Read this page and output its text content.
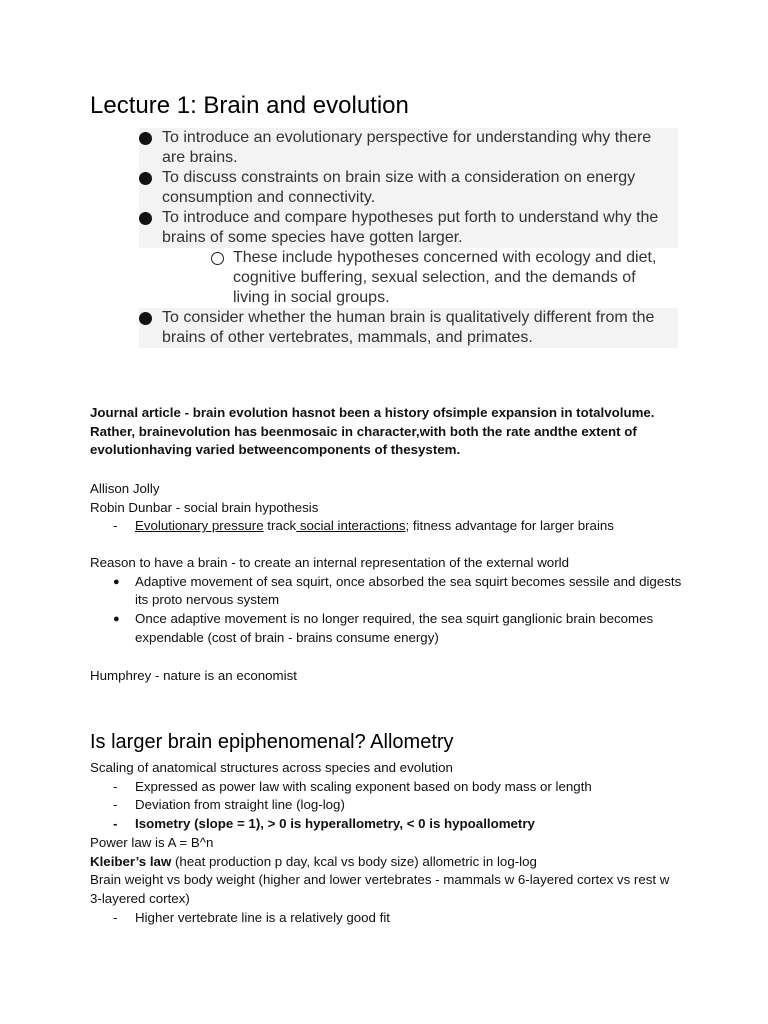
Lecture 1: Brain and evolution
To introduce an evolutionary perspective for understanding why there are brains.
To discuss constraints on brain size with a consideration on energy consumption and connectivity.
To introduce and compare hypotheses put forth to understand why the brains of some species have gotten larger.
These include hypotheses concerned with ecology and diet, cognitive buffering, sexual selection, and the demands of living in social groups.
To consider whether the human brain is qualitatively different from the brains of other vertebrates, mammals, and primates.
Journal article - brain evolution hasnot been a history ofsimple expansion in totalvolume. Rather, brainevolution has beenmosaic in character,with both the rate andthe extent of evolutionhaving varied betweencomponents of thesystem.
Allison Jolly
Robin Dunbar - social brain hypothesis
- Evolutionary pressure track social interactions; fitness advantage for larger brains
Reason to have a brain - to create an internal representation of the external world
● Adaptive movement of sea squirt, once absorbed the sea squirt becomes sessile and digests its proto nervous system
● Once adaptive movement is no longer required, the sea squirt ganglionic brain becomes expendable (cost of brain - brains consume energy)
Humphrey - nature is an economist
Is larger brain epiphenomenal? Allometry
Scaling of anatomical structures across species and evolution
- Expressed as power law with scaling exponent based on body mass or length
- Deviation from straight line (log-log)
- Isometry (slope = 1), > 0 is hyperallometry, < 0 is hypoallometry
Power law is A = B^n
Kleiber’s law (heat production p day, kcal vs body size) allometric in log-log
Brain weight vs body weight (higher and lower vertebrates - mammals w 6-layered cortex vs rest w 3-layered cortex)
- Higher vertebrate line is a relatively good fit
